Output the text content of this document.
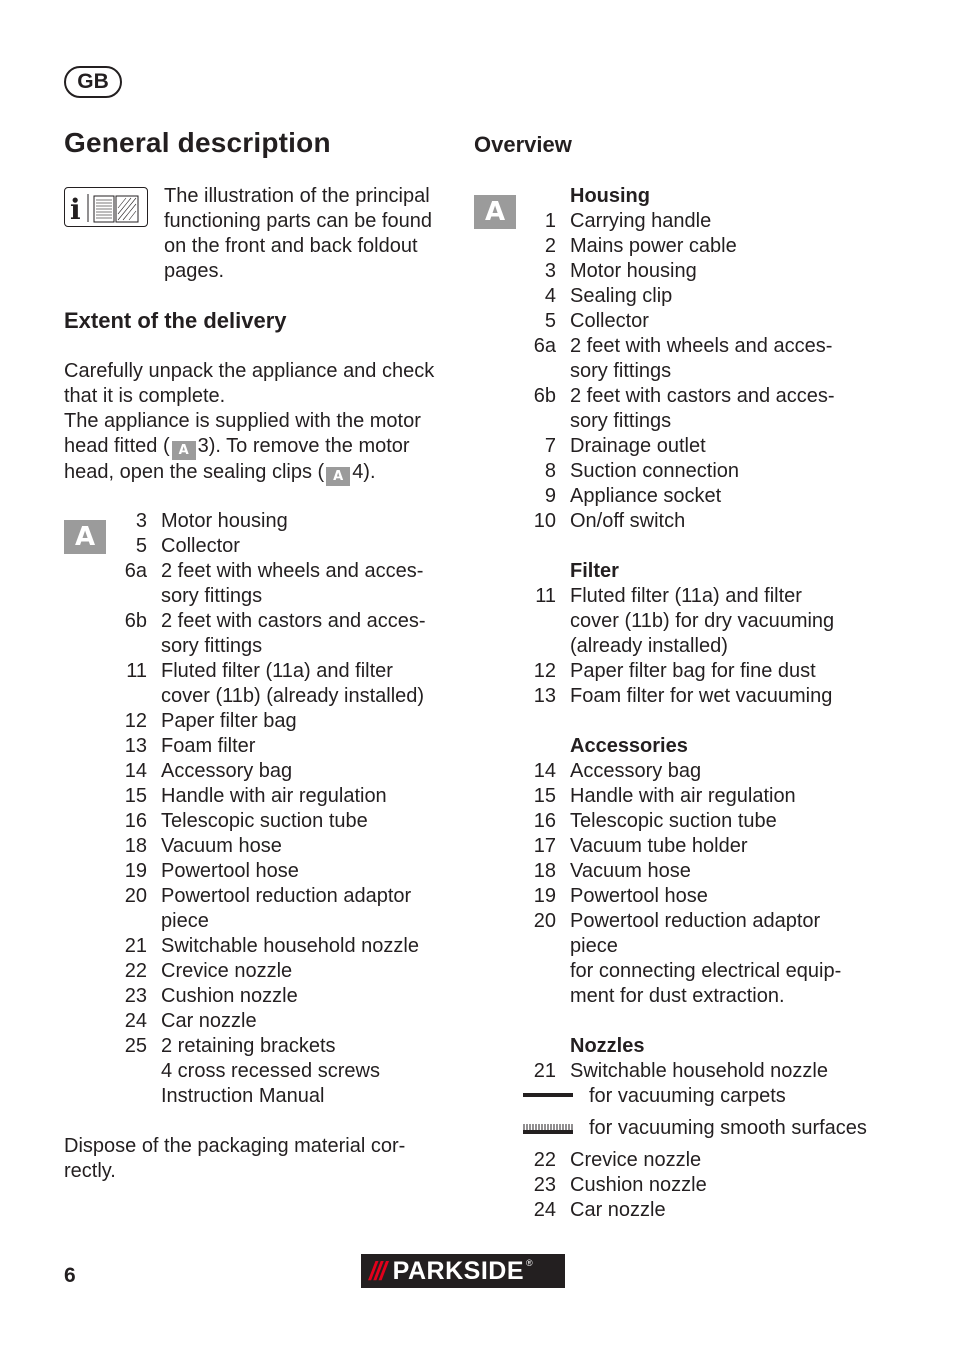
GB
General description
i	The illustration of the principal functioning parts can be found on the front and back foldout pages.
Extent of the delivery
Carefully unpack the appliance and check that it is complete.
The appliance is supplied with the motor head fitted ( A 3). To remove the motor head, open the sealing clips ( A 4).
A
3 Motor housing
5 Collector
6a 2 feet with wheels and acces-
sory fittings
6b 2 feet with castors and acces-
sory fittings
11 Fluted filter (11a) and filter
cover (11b) (already installed)
12 Paper filter bag
13 Foam filter
14 Accessory bag
15 Handle with air regulation
16 Telescopic suction tube
18 Vacuum hose
19 Powertool hose
20 Powertool reduction adaptor
piece
21 Switchable household nozzle
22 Crevice nozzle
23 Cushion nozzle
24 Car nozzle
25 2 retaining brackets
4 cross recessed screws
Instruction Manual
Dispose of the packaging material cor-
rectly.
Overview
A
Housing
1 Carrying handle
2 Mains power cable
3 Motor housing
4 Sealing clip
5 Collector
6a 2 feet with wheels and acces-
sory fittings
6b 2 feet with castors and acces-
sory fittings
7 Drainage outlet
8 Suction connection
9 Appliance socket
10 On/off switch
Filter
11 Fluted filter (11a) and filter
cover (11b) for dry vacuuming
(already installed)
12 Paper filter bag for fine dust
13 Foam filter for wet vacuuming
Accessories
14 Accessory bag
15 Handle with air regulation
16 Telescopic suction tube
17 Vacuum tube holder
18 Vacuum hose
19 Powertool hose
20 Powertool reduction adaptor
piece
for connecting electrical equip-
ment for dust extraction.
Nozzles
21 Switchable household nozzle
for vacuuming carpets
for vacuuming smooth surfaces
22 Crevice nozzle
23 Cushion nozzle
24 Car nozzle
6	/// PARKSIDE ®
